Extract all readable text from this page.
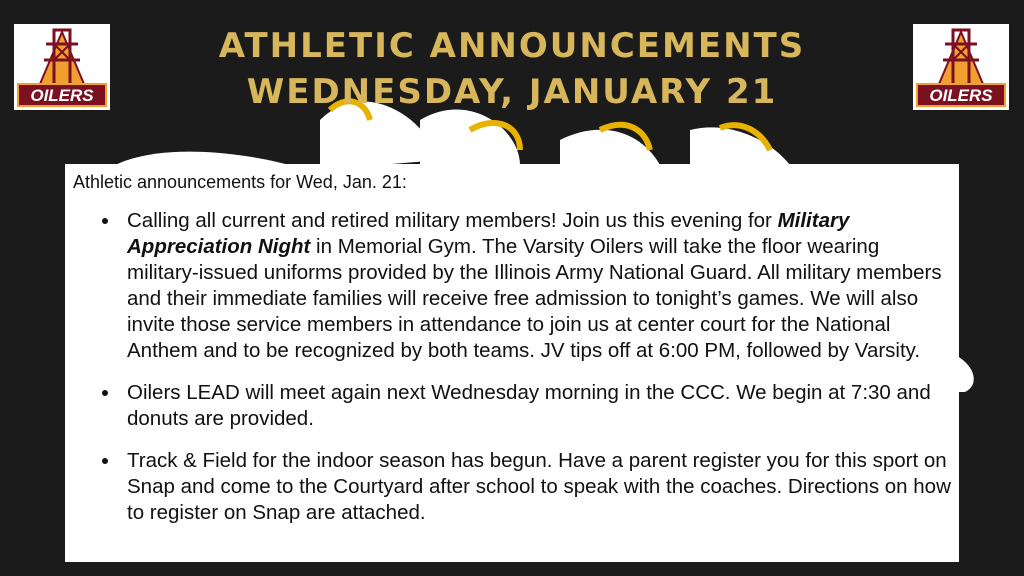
ATHLETIC ANNOUNCEMENTS
WEDNESDAY, JANUARY 21
OILERS	OILERS

Athletic announcements for Wed, Jan. 21:

• Calling all current and retired military members! Join us this evening for Military Appreciation Night in Memorial Gym. The Varsity Oilers will take the floor wearing military-issued uniforms provided by the Illinois Army National Guard. All military members and their immediate families will receive free admission to tonight’s games. We will also invite those service members in attendance to join us at center court for the National Anthem and to be recognized by both teams. JV tips off at 6:00 PM, followed by Varsity.
• Oilers LEAD will meet again next Wednesday morning in the CCC. We begin at 7:30 and donuts are provided.
• Track & Field for the indoor season has begun. Have a parent register you for this sport on Snap and come to the Courtyard after school to speak with the coaches. Directions on how to register on Snap are attached.
